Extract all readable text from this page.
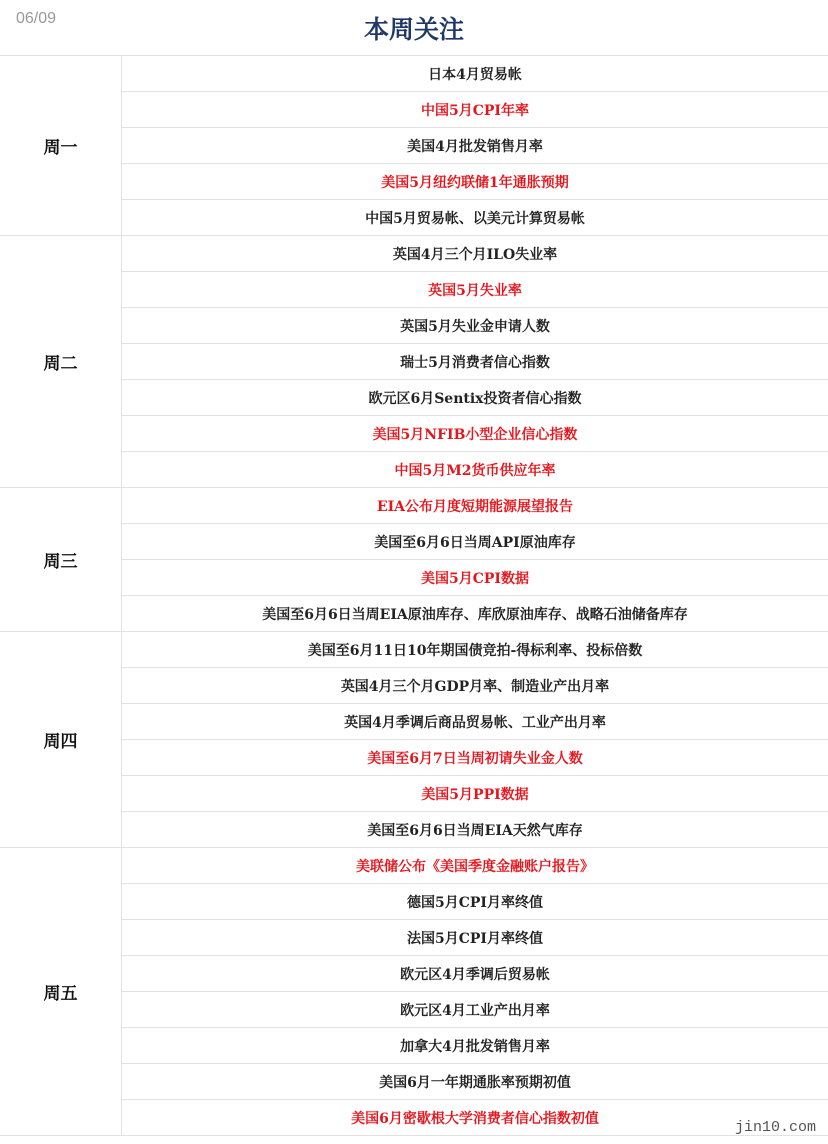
06/09	本周关注
周一	日本4月贸易帐
	中国5月CPI年率
	美国4月批发销售月率
	美国5月纽约联储1年通胀预期
	中国5月贸易帐、以美元计算贸易帐
周二	英国4月三个月ILO失业率
	英国5月失业率
	英国5月失业金申请人数
	瑞士5月消费者信心指数
	欧元区6月Sentix投资者信心指数
	美国5月NFIB小型企业信心指数
	中国5月M2货币供应年率
周三	EIA公布月度短期能源展望报告
	美国至6月6日当周API原油库存
	美国5月CPI数据
	美国至6月6日当周EIA原油库存、库欣原油库存、战略石油储备库存
周四	美国至6月11日10年期国债竞拍-得标利率、投标倍数
	英国4月三个月GDP月率、制造业产出月率
	英国4月季调后商品贸易帐、工业产出月率
	美国至6月7日当周初请失业金人数
	美国5月PPI数据
	美国至6月6日当周EIA天然气库存
周五	美联储公布《美国季度金融账户报告》
	德国5月CPI月率终值
	法国5月CPI月率终值
	欧元区4月季调后贸易帐
	欧元区4月工业产出月率
	加拿大4月批发销售月率
	美国6月一年期通胀率预期初值
	美国6月密歇根大学消费者信心指数初值
jin10.com
